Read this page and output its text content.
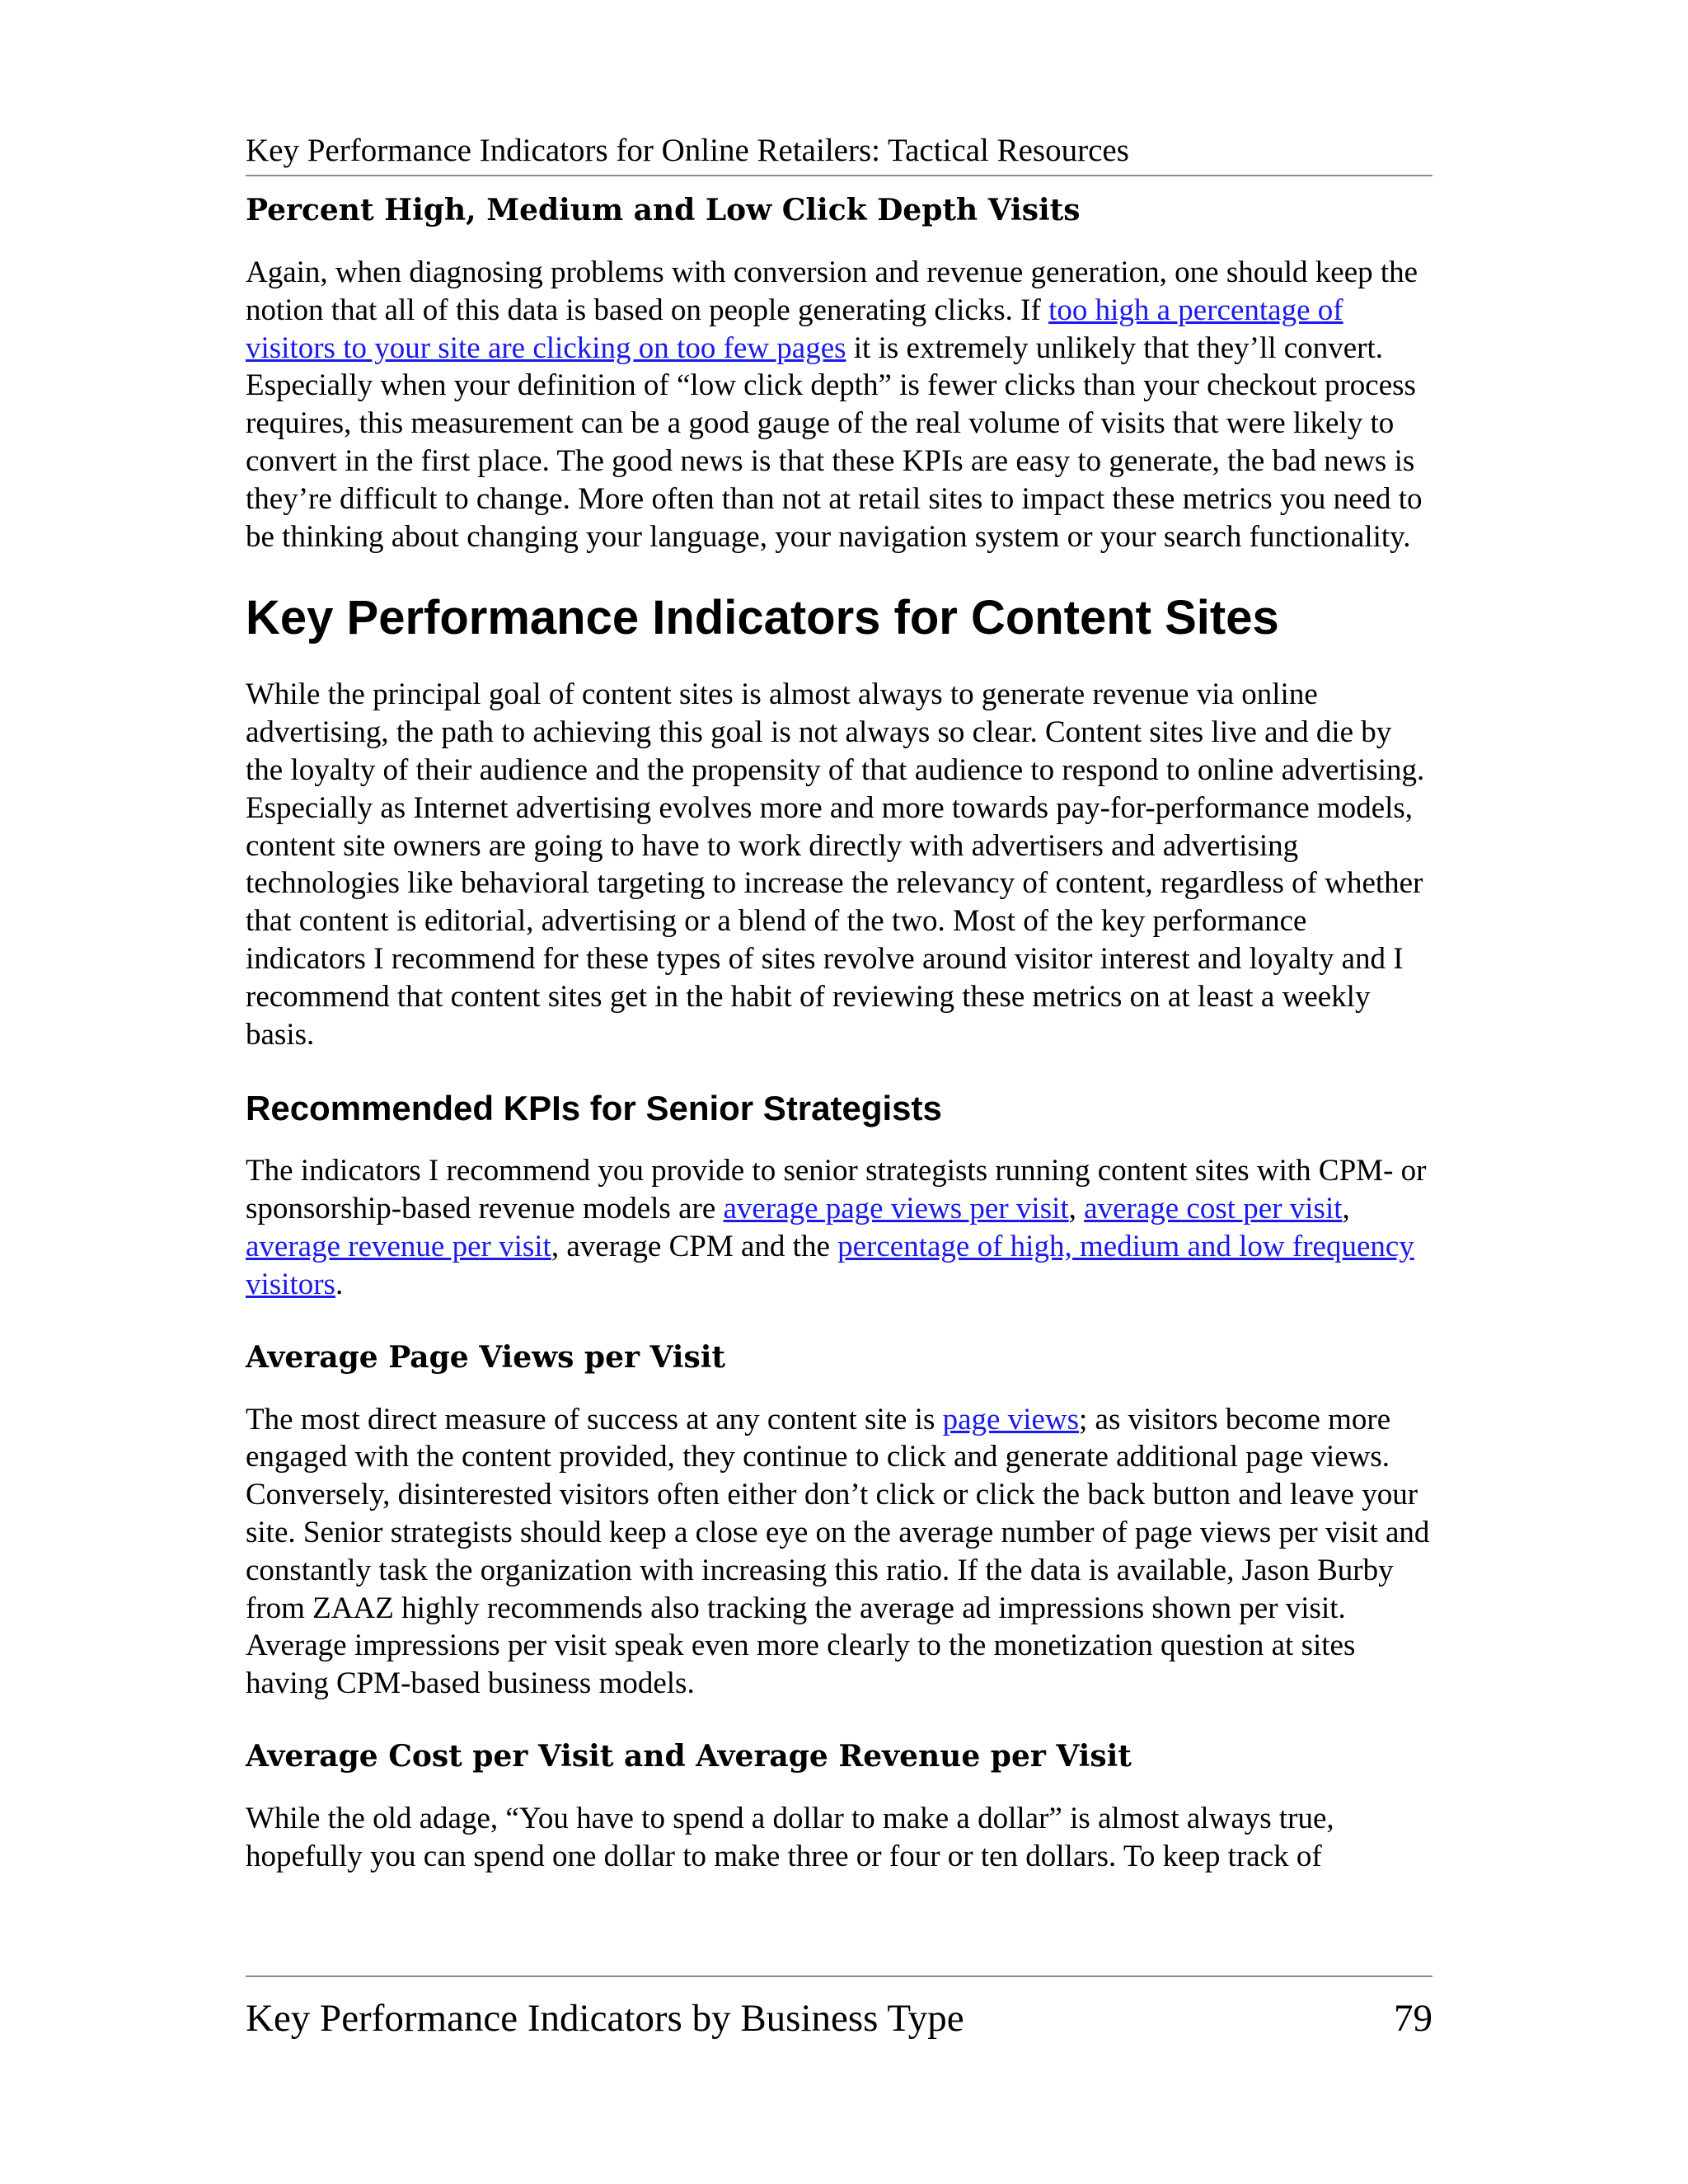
Key Performance Indicators for Online Retailers: Tactical Resources
Percent High, Medium and Low Click Depth Visits

Again, when diagnosing problems with conversion and revenue generation, one should keep the notion that all of this data is based on people generating clicks. If too high a percentage of visitors to your site are clicking on too few pages it is extremely unlikely that they’ll convert. Especially when your definition of “low click depth” is fewer clicks than your checkout process requires, this measurement can be a good gauge of the real volume of visits that were likely to convert in the first place. The good news is that these KPIs are easy to generate, the bad news is they’re difficult to change. More often than not at retail sites to impact these metrics you need to be thinking about changing your language, your navigation system or your search functionality.

Key Performance Indicators for Content Sites

While the principal goal of content sites is almost always to generate revenue via online advertising, the path to achieving this goal is not always so clear. Content sites live and die by the loyalty of their audience and the propensity of that audience to respond to online advertising. Especially as Internet advertising evolves more and more towards pay-for-performance models, content site owners are going to have to work directly with advertisers and advertising technologies like behavioral targeting to increase the relevancy of content, regardless of whether that content is editorial, advertising or a blend of the two. Most of the key performance indicators I recommend for these types of sites revolve around visitor interest and loyalty and I recommend that content sites get in the habit of reviewing these metrics on at least a weekly basis.

Recommended KPIs for Senior Strategists

The indicators I recommend you provide to senior strategists running content sites with CPM- or sponsorship-based revenue models are average page views per visit, average cost per visit, average revenue per visit, average CPM and the percentage of high, medium and low frequency visitors.

Average Page Views per Visit

The most direct measure of success at any content site is page views; as visitors become more engaged with the content provided, they continue to click and generate additional page views. Conversely, disinterested visitors often either don’t click or click the back button and leave your site. Senior strategists should keep a close eye on the average number of page views per visit and constantly task the organization with increasing this ratio. If the data is available, Jason Burby from ZAAZ highly recommends also tracking the average ad impressions shown per visit. Average impressions per visit speak even more clearly to the monetization question at sites having CPM-based business models.

Average Cost per Visit and Average Revenue per Visit

While the old adage, “You have to spend a dollar to make a dollar” is almost always true, hopefully you can spend one dollar to make three or four or ten dollars. To keep track of

Key Performance Indicators by Business Type	79
